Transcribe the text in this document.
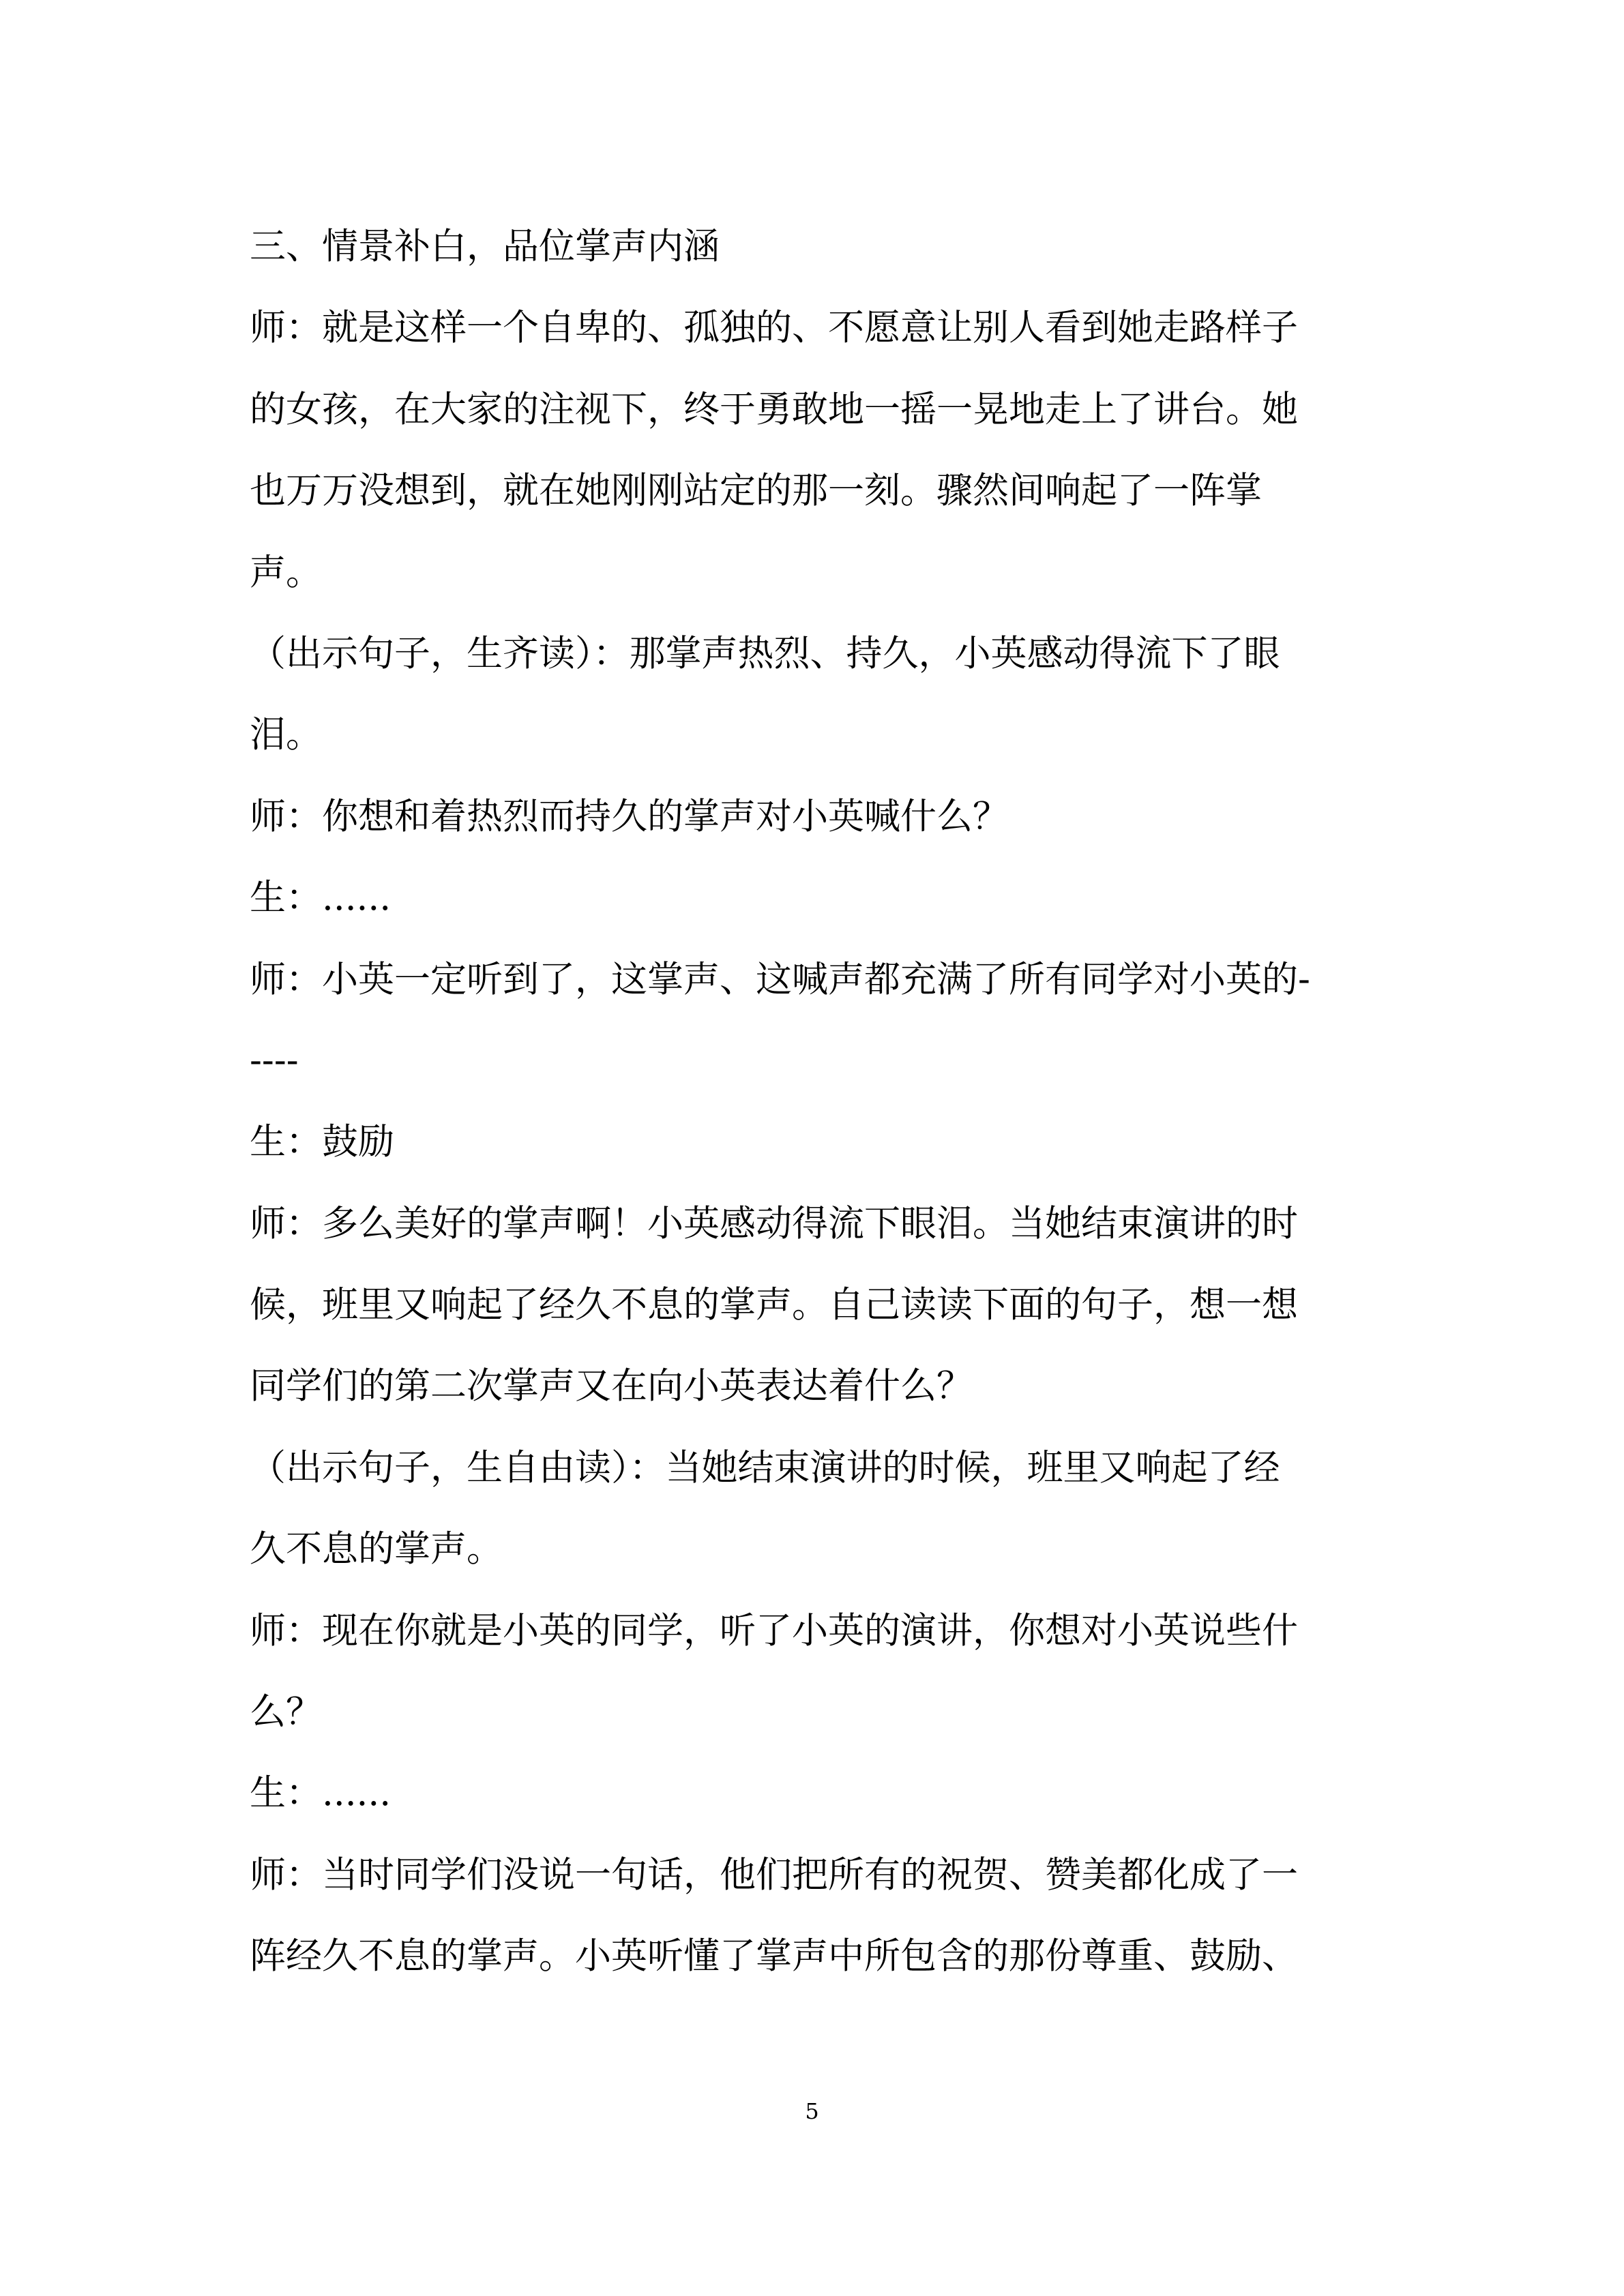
三、情景补白，品位掌声内涵
师：就是这样一个自卑的、孤独的、不愿意让别人看到她走路样子
的女孩，在大家的注视下，终于勇敢地一摇一晃地走上了讲台。她
也万万没想到，就在她刚刚站定的那一刻。骤然间响起了一阵掌
声。
（出示句子，生齐读）：那掌声热烈、持久，小英感动得流下了眼
泪。
师：你想和着热烈而持久的掌声对小英喊什么？
生：......
师：小英一定听到了，这掌声、这喊声都充满了所有同学对小英的-
----
生：鼓励
师：多么美好的掌声啊！小英感动得流下眼泪。当她结束演讲的时
候，班里又响起了经久不息的掌声。自己读读下面的句子，想一想
同学们的第二次掌声又在向小英表达着什么？
（出示句子，生自由读）：当她结束演讲的时候，班里又响起了经
久不息的掌声。
师：现在你就是小英的同学，听了小英的演讲，你想对小英说些什
么？
生：......
师：当时同学们没说一句话，他们把所有的祝贺、赞美都化成了一
阵经久不息的掌声。小英听懂了掌声中所包含的那份尊重、鼓励、
5
